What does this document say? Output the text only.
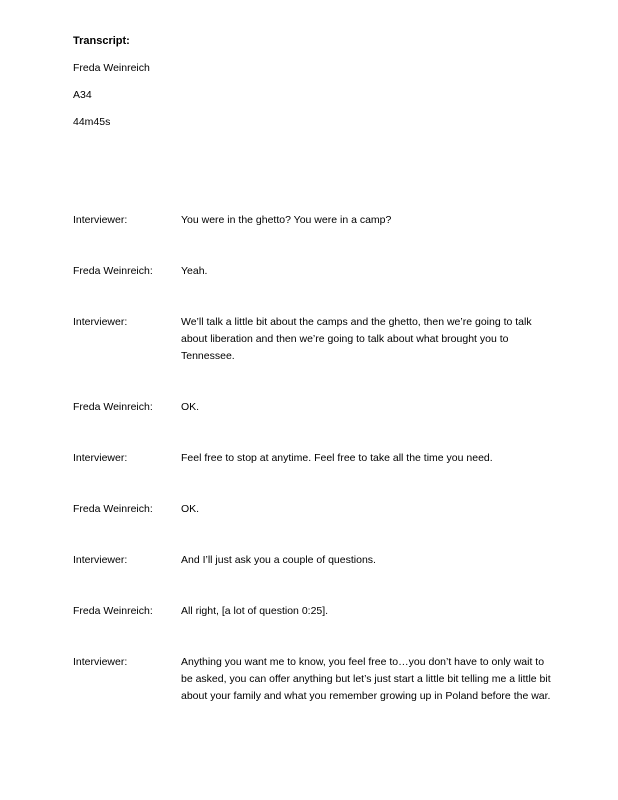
Transcript:
Freda Weinreich
A34
44m45s
Interviewer:	You were in the ghetto? You were in a camp?
Freda Weinreich:	Yeah.
Interviewer:	We’ll talk a little bit about the camps and the ghetto, then we’re going to talk about liberation and then we’re going to talk about what brought you to Tennessee.
Freda Weinreich:	OK.
Interviewer:	Feel free to stop at anytime. Feel free to take all the time you need.
Freda Weinreich:	OK.
Interviewer:	And I’ll just ask you a couple of questions.
Freda Weinreich:	All right, [a lot of question 0:25].
Interviewer:	Anything you want me to know, you feel free to…you don’t have to only wait to be asked, you can offer anything but let’s just start a little bit telling me a little bit about your family and what you remember growing up in Poland before the war.
